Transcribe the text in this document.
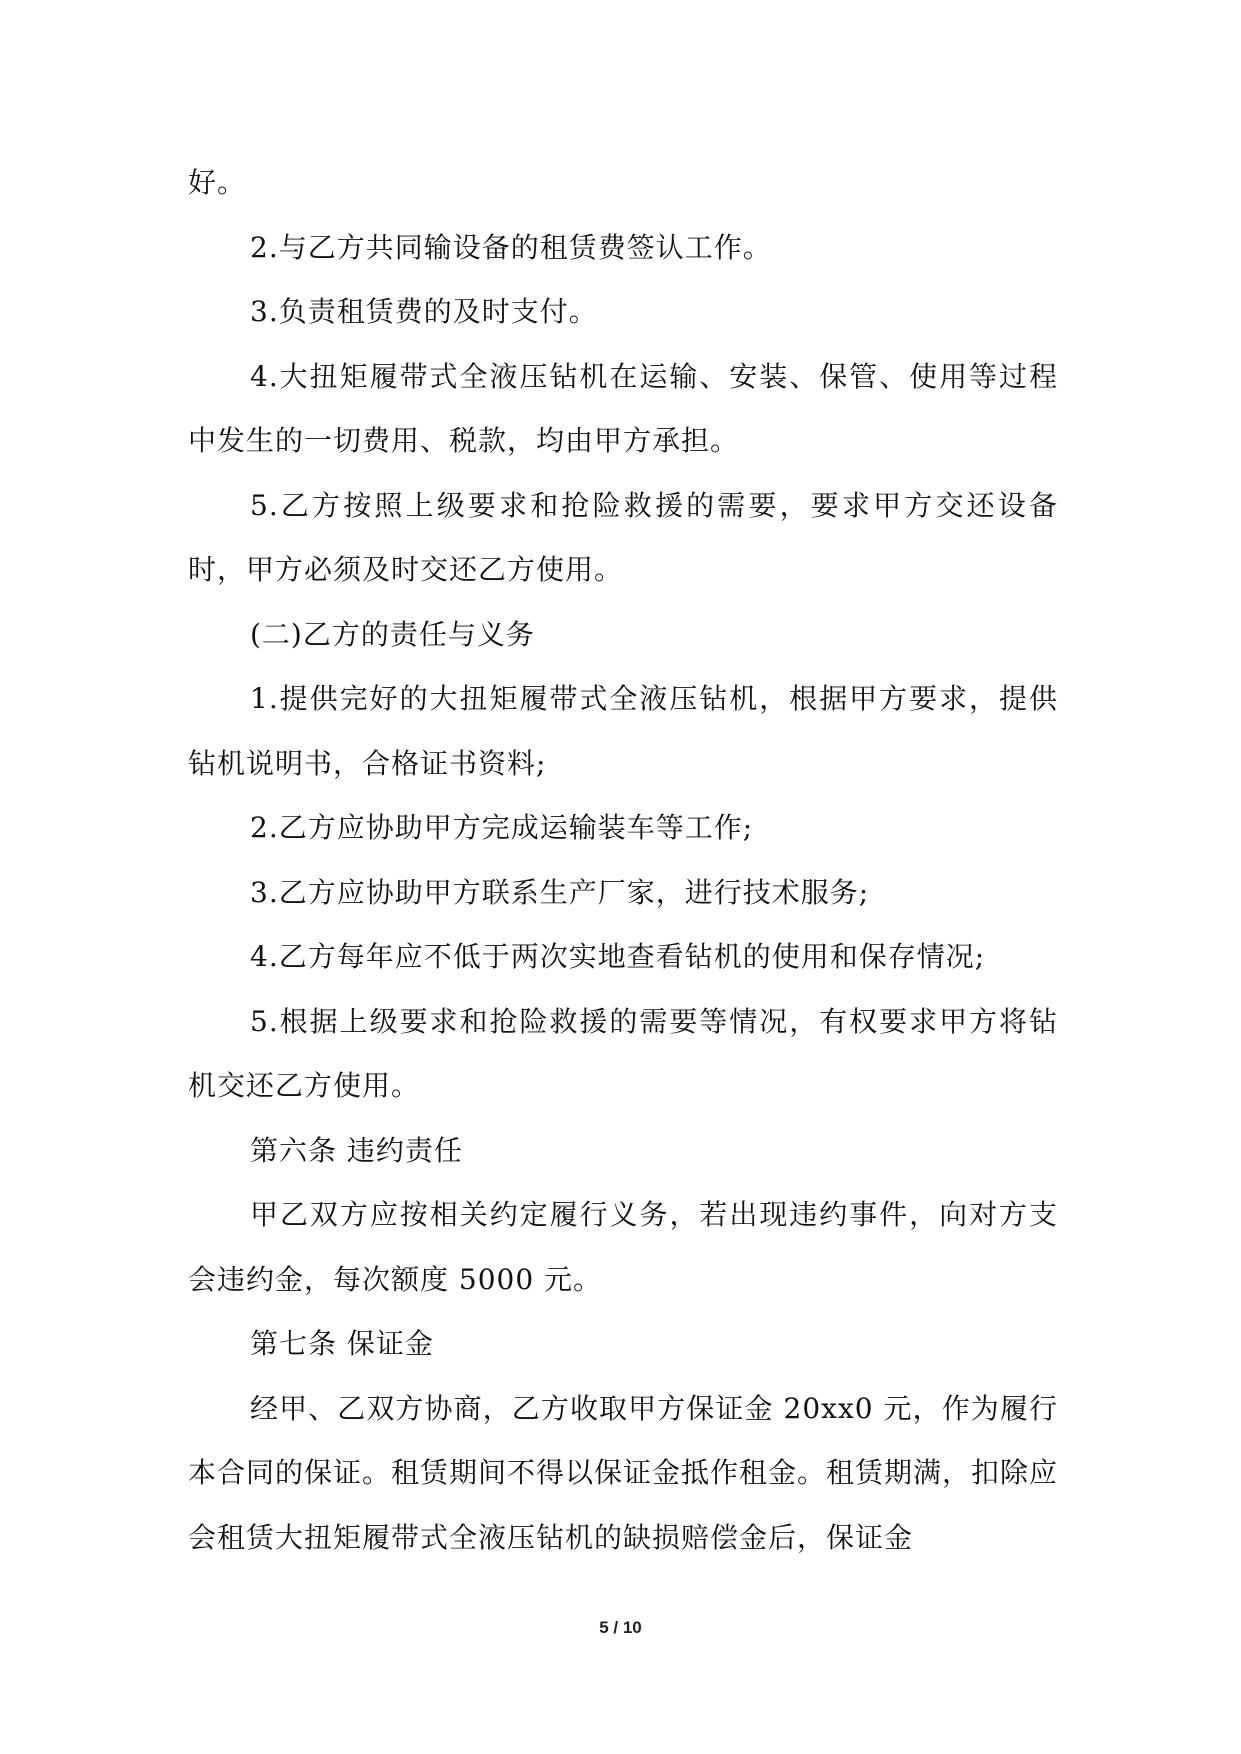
好。

2.与乙方共同输设备的租赁费签认工作。

3.负责租赁费的及时支付。

4.大扭矩履带式全液压钻机在运输、安装、保管、使用等过程中发生的一切费用、税款，均由甲方承担。

5.乙方按照上级要求和抢险救援的需要，要求甲方交还设备时，甲方必须及时交还乙方使用。

(二)乙方的责任与义务

1.提供完好的大扭矩履带式全液压钻机，根据甲方要求，提供钻机说明书，合格证书资料;

2.乙方应协助甲方完成运输装车等工作;

3.乙方应协助甲方联系生产厂家，进行技术服务;

4.乙方每年应不低于两次实地查看钻机的使用和保存情况;

5.根据上级要求和抢险救援的需要等情况，有权要求甲方将钻机交还乙方使用。

第六条 违约责任

甲乙双方应按相关约定履行义务，若出现违约事件，向对方支会违约金，每次额度 5000 元。

第七条 保证金

经甲、乙双方协商，乙方收取甲方保证金 20xx0 元，作为履行本合同的保证。租赁期间不得以保证金抵作租金。租赁期满，扣除应会租赁大扭矩履带式全液压钻机的缺损赔偿金后，保证金

5 / 10
